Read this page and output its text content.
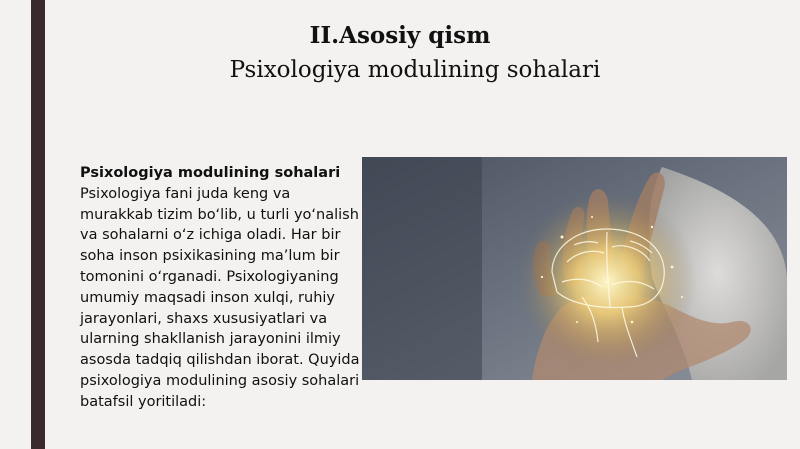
II.Asosiy qism
Psixologiya modulining sohalari
Psixologiya modulining sohalari
Psixologiya fani juda keng va murakkab tizim bo‘lib, u turli yo‘nalish va sohalarni o‘z ichiga oladi. Har bir soha inson psixikasining ma’lum bir tomonini o‘rganadi. Psixologiyaning umumiy maqsadi inson xulqi, ruhiy jarayonlari, shaxs xususiyatlari va ularning shakllanish jarayonini ilmiy asosda tadqiq qilishdan iborat. Quyida psixologiya modulining asosiy sohalari batafsil yoritiladi:
